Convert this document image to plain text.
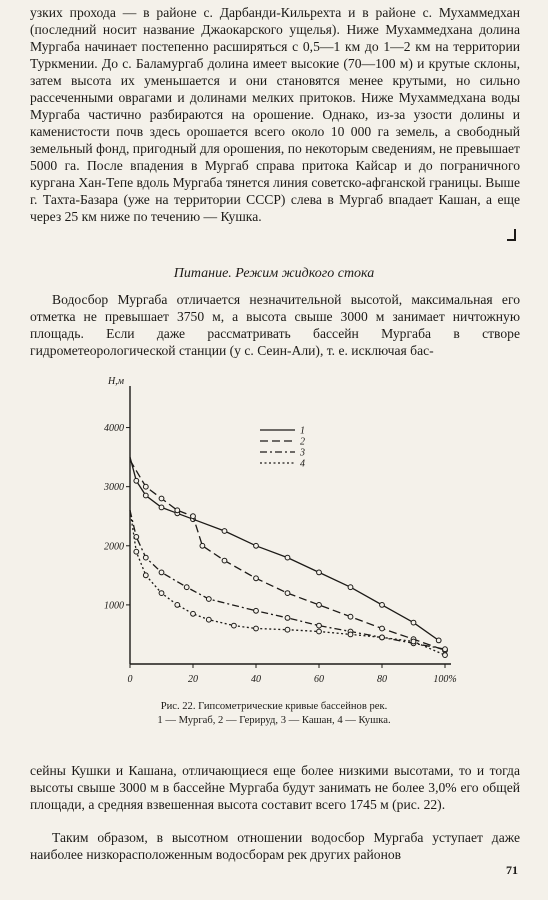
узких прохода — в районе с. Дарбанди-Кильрехта и в районе с. Мухаммедхан (последний носит название Джаокарского ущелья). Ниже Мухаммедхана долина Мургаба начинает постепенно расширяться с 0,5—1 км до 1—2 км на территории Туркмении. До с. Баламургаб долина имеет высокие (70—100 м) и крутые склоны, затем высота их уменьшается и они становятся менее крутыми, но сильно рассеченными оврагами и долинами мелких притоков. Ниже Мухаммедхана воды Мургаба частично разбираются на орошение. Однако, из-за узости долины и каменистости почв здесь орошается всего около 10 000 га земель, а свободный земельный фонд, пригодный для орошения, по некоторым сведениям, не превышает 5000 га. После впадения в Мургаб справа притока Кайсар и до пограничного кургана Хан-Тепе вдоль Мургаба тянется линия советско-афганской границы. Выше г. Тахта-Базара (уже на территории СССР) слева в Мургаб впадает Кашан, а еще через 25 км ниже по течению — Кушка.

Питание. Режим жидкого стока

Водосбор Мургаба отличается незначительной высотой, максимальная его отметка не превышает 3750 м, а высота свыше 3000 м занимает ничтожную площадь. Если даже рассматривать бассейн Мургаба в створе гидрометеорологической станции (у с. Сеин-Али), т. е. исключая бас-

1000
2000
3000
4000
Н,м
0	20	40	60	80	100%
1
2
3
4
Рис. 22. Гипсометрические кривые бассейнов рек.
1 — Мургаб, 2 — Герируд, 3 — Кашан, 4 — Кушка.

сейны Кушки и Кашана, отличающиеся еще более низкими высотами, то и тогда высоты свыше 3000 м в бассейне Мургаба будут занимать не более 3,0% его общей площади, а средняя взвешенная высота составит всего 1745 м (рис. 22).

Таким образом, в высотном отношении водосбор Мургаба уступает даже наиболее низкорасположенным водосборам рек других районов

71
